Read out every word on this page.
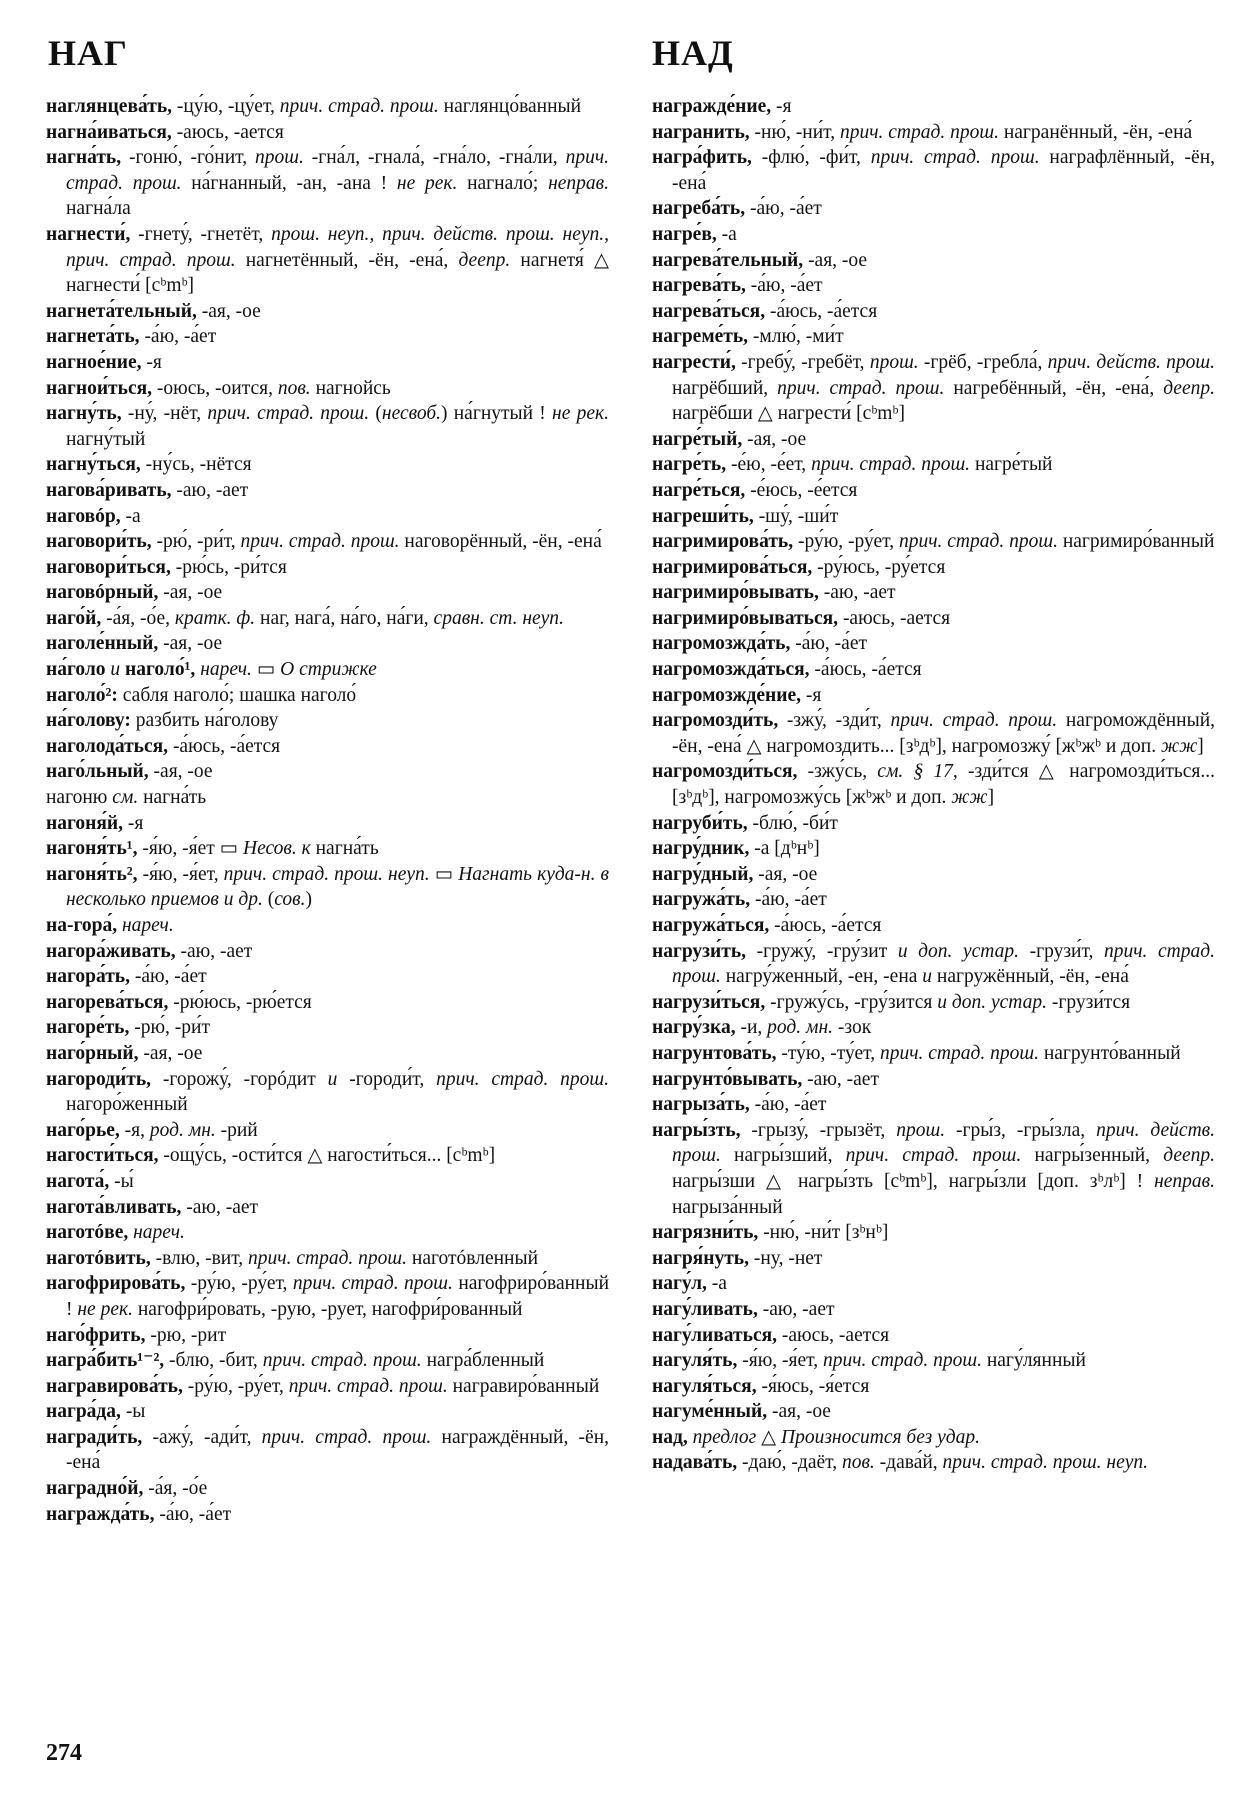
НАГ	НАД
наглянцева́ть, -цу́ю, -цу́ет, прич. страд. прош. наглянцо́ванный
нагна́иваться, -аюсь, -ается
нагна́ть, -гоню́, -го́нит, прош. -гна́л, -гнала́, -гна́ло, -гна́ли, прич. страд. прош. на́гнанный, -ан, -ана ! не рек. нагнало́; неправ. нагна́ла
нагнести́, -гнету́, -гнетёт, прош. неуп., прич. действ. прош. неуп., прич. страд. прош. нагнетённый, -ён, -ена́, деепр. нагнетя́ △ нагнести́ [cᵇmᵇ]
нагнета́тельный, -ая, -ое
нагнета́ть, -а́ю, -а́ет
нагное́ние, -я
нагнои́ться, -оюсь, -оится, пов. нагнойсь
нагну́ть, -ну́, -нёт, прич. страд. прош. (несвоб.) на́гнутый ! не рек. нагну́тый
нагну́ться, -ну́сь, -нётся
нагова́ривать, -аю, -ает
наговóр, -а
наговори́ть, -рю́, -ри́т, прич. страд. прош. наговорённый, -ён, -ена́
наговори́ться, -рю́сь, -ри́тся
наговóрный, -ая, -ое
наго́й, -а́я, -о́е, кратк. ф. наг, нага́, на́го, на́ги, сравн. ст. неуп.
наголе́нный, -ая, -ое
на́голо и наголо́¹, нареч. ▭ О стрижке
наголо́²: сабля наголо́; шашка наголо́
на́голову: разбить на́голову
наголода́ться, -а́юсь, -а́ется
наго́льный, -ая, -ое
нагоню см. нагна́ть
нагоня́й, -я
нагоня́ть¹, -я́ю, -я́ет ▭ Несов. к нагна́ть
нагоня́ть², -я́ю, -я́ет, прич. страд. прош. неуп. ▭ Нагнать куда-н. в несколько приемов и др. (сов.)
на-гора́, нареч.
нагора́живать, -аю, -ает
нагора́ть, -а́ю, -а́ет
нагорева́ться, -рю́юсь, -рю́ется
нагоре́ть, -рю́, -ри́т
наго́рный, -ая, -ое
нагороди́ть, -горожу́, -горóдит и -городи́т, прич. страд. прош. нагоро́женный
наго́рье, -я, род. мн. -рий
нагости́ться, -ощу́сь, -ости́тся △ нагости́ться... [cᵇmᵇ]
нагота́, -ы́
нагота́вливать, -аю, -ает
наготóве, нареч.
наготóвить, -влю, -вит, прич. страд. прош. наготóвленный
нагофрирова́ть, -ру́ю, -ру́ет, прич. страд. прош. нагофриро́ванный ! не рек. нагофри́ровать, -рую, -рует, нагофри́рованный
наго́фрить, -рю, -рит
награ́бить¹⁻², -блю, -бит, прич. страд. прош. награ́бленный
награвирова́ть, -ру́ю, -ру́ет, прич. страд. прош. награвиро́ванный
награ́да, -ы
награди́ть, -ажу́, -ади́т, прич. страд. прош. награждённый, -ён, -ена́
наградно́й, -а́я, -о́е
награжда́ть, -а́ю, -а́ет
награжде́ние, -я
награнить, -ню́, -ни́т, прич. страд. прош. награнённый, -ён, -ена́
награ́фить, -флю́, -фи́т, прич. страд. прош. награфлённый, -ён, -ена́
нагреба́ть, -а́ю, -а́ет
нагре́в, -а
нагрева́тельный, -ая, -ое
нагрева́ть, -а́ю, -а́ет
нагрева́ться, -а́юсь, -а́ется
нагреме́ть, -млю́, -ми́т
нагрести́, -гребу́, -гребёт, прош. -грёб, -гребла́, прич. действ. прош. нагрёбший, прич. страд. прош. нагребённый, -ён, -ена́, деепр. нагрёбши △ нагрести́ [cᵇmᵇ]
нагре́тый, -ая, -ое
нагре́ть, -е́ю, -е́ет, прич. страд. прош. нагре́тый
нагре́ться, -е́юсь, -е́ется
нагреши́ть, -шу́, -ши́т
нагримирова́ть, -ру́ю, -ру́ет, прич. страд. прош. нагримиро́ванный
нагримирова́ться, -ру́юсь, -ру́ется
нагримиро́вывать, -аю, -ает
нагримиро́вываться, -аюсь, -ается
нагромозжда́ть, -а́ю, -а́ет
нагромозжда́ться, -а́юсь, -а́ется
нагромозжде́ние, -я
нагромозди́ть, -зжу́, -зди́т, прич. страд. прош. нагромождённый, -ён, -ена́ △ нагромоздить... [зᵇдᵇ], нагромозжу́ [жᵇжᵇ и доп. жж]
нагромозди́ться, -зжу́сь, см. § 17, -зди́тся △ нагромозди́ться... [зᵇдᵇ], нагромозжу́сь [жᵇжᵇ и доп. жж]
нагруби́ть, -блю́, -би́т
нагру́дник, -а [дᵇнᵇ]
нагру́дный, -ая, -ое
нагружа́ть, -а́ю, -а́ет
нагружа́ться, -а́юсь, -а́ется
нагрузи́ть, -гружу́, -гру́зит и доп. устар. -грузи́т, прич. страд. прош. нагру́женный, -ен, -ена и нагружённый, -ён, -ена́
нагрузи́ться, -гружу́сь, -гру́зится и доп. устар. -грузи́тся
нагру́зка, -и, род. мн. -зок
нагрунтова́ть, -ту́ю, -ту́ет, прич. страд. прош. нагрунто́ванный
нагрунто́вывать, -аю, -ает
нагрыза́ть, -а́ю, -а́ет
нагры́зть, -грызу́, -грызёт, прош. -гры́з, -гры́зла, прич. действ. прош. нагры́зший, прич. страд. прош. нагры́зенный, деепр. нагры́зши △ нагры́зть [cᵇmᵇ], нагры́зли [доп. зᵇлᵇ] ! неправ. нагрыза́нный
нагрязни́ть, -ню́, -ни́т [зᵇнᵇ]
нагря́нуть, -ну, -нет
нагу́л, -а
нагу́ливать, -аю, -ает
нагу́ливаться, -аюсь, -ается
нагуля́ть, -я́ю, -я́ет, прич. страд. прош. нагу́лянный
нагуля́ться, -я́юсь, -я́ется
нагуме́нный, -ая, -ое
над, предлог △ Произносится без удар.
надава́ть, -даю́, -даёт, пов. -дава́й, прич. страд. прош. неуп.
274
